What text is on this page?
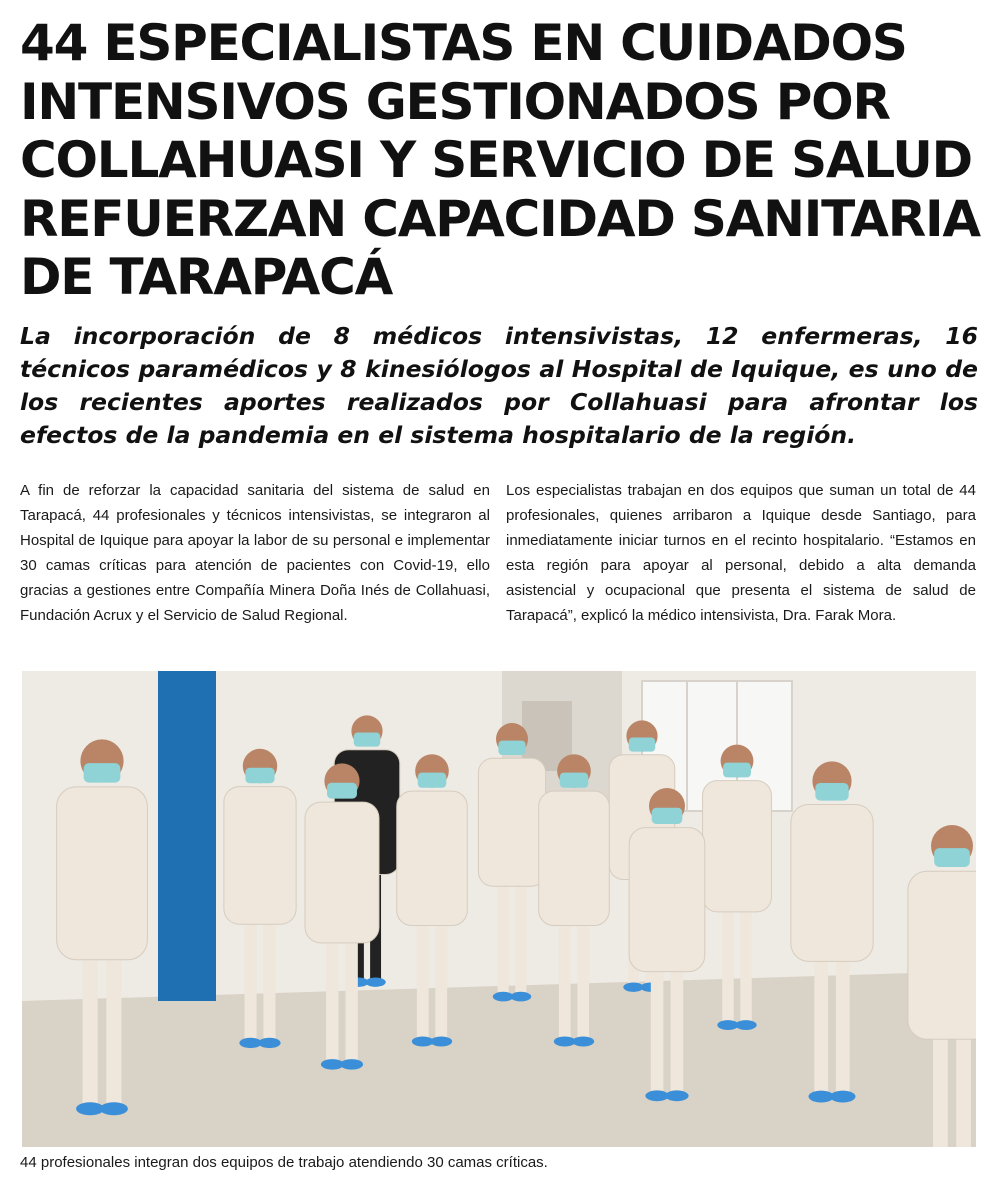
44 ESPECIALISTAS EN CUIDADOS
INTENSIVOS GESTIONADOS POR
COLLAHUASI Y SERVICIO DE SALUD
REFUERZAN CAPACIDAD SANITARIA
DE TARAPACÁ

La incorporación de 8 médicos intensivistas, 12 enfermeras, 16 técnicos paramédicos y 8 kinesiólogos al Hospital de Iquique, es uno de los recientes aportes realizados por Collahuasi para afrontar los efectos de la pandemia en el sistema hospitalario de la región.

A fin de reforzar la capacidad sanitaria del sistema de salud en Tarapacá, 44 profesionales y técnicos intensivistas, se integraron al Hospital de Iquique para apoyar la labor de su personal e implementar 30 camas críticas para atención de pacientes con Covid-19, ello gracias a gestiones entre Compañía Minera Doña Inés de Collahuasi, Fundación Acrux y el Servicio de Salud Regional.

Los especialistas trabajan en dos equipos que suman un total de 44 profesionales, quienes arribaron a Iquique desde Santiago, para inmediatamente iniciar turnos en el recinto hospitalario. “Estamos en esta región para apoyar al personal, debido a alta demanda asistencial y ocupacional que presenta el sistema de salud de Tarapacá”, explicó la médico intensivista, Dra. Farak Mora.

44 profesionales integran dos equipos de trabajo atendiendo 30 camas críticas.
